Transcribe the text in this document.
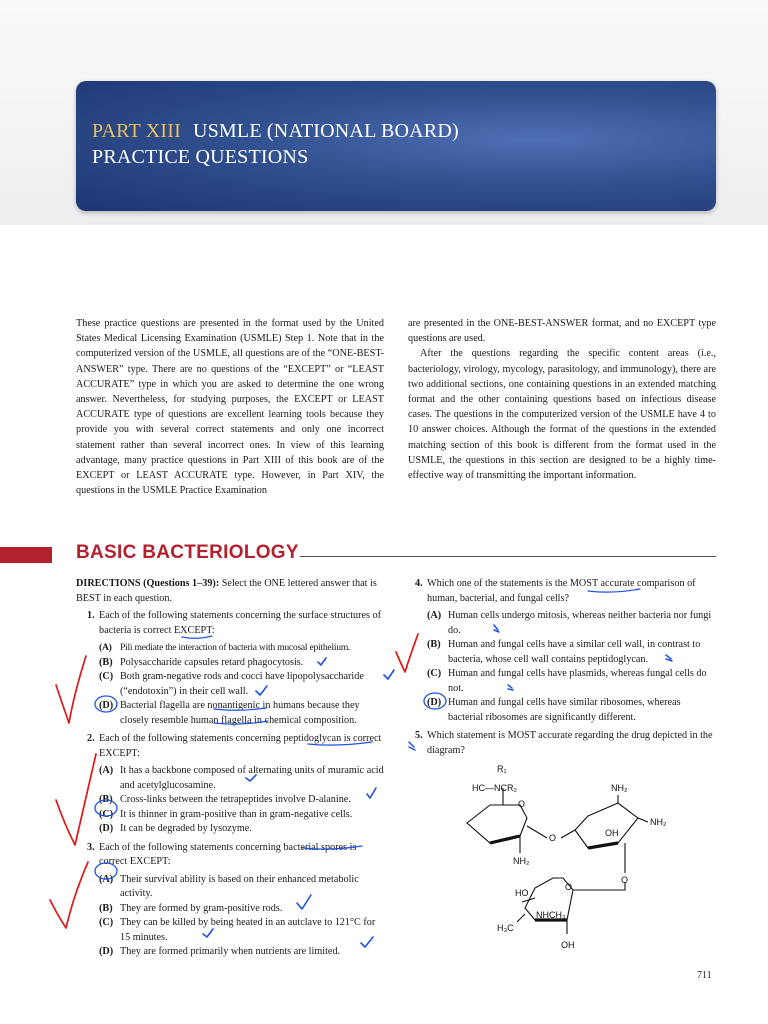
PART XIII USMLE (NATIONAL BOARD)
PRACTICE QUESTIONS

These practice questions are presented in the format used by the United States Medical Licensing Examination (USMLE) Step 1. Note that in the computerized version of the USMLE, all questions are of the “ONE-BEST-ANSWER” type. There are no questions of the “EXCEPT” or “LEAST ACCURATE” type in which you are asked to determine the one wrong answer. Nevertheless, for studying purposes, the EXCEPT or LEAST ACCURATE type of questions are excellent learning tools because they provide you with several correct statements and only one incorrect statement rather than several incorrect ones. In view of this learning advantage, many practice questions in Part XIII of this book are of the EXCEPT or LEAST ACCURATE type. However, in Part XIV, the questions in the USMLE Practice Examination

are presented in the ONE-BEST-ANSWER format, and no EXCEPT type questions are used.

After the questions regarding the specific content areas (i.e., bacteriology, virology, mycology, parasitology, and immunology), there are two additional sections, one containing questions in an extended matching format and the other containing questions based on infectious disease cases. The questions in the computerized version of the USMLE have 4 to 10 answer choices. Although the format of the questions in the extended matching section of this book is different from the format used in the USMLE, the questions in this section are designed to be a highly time-effective way of transmitting the important information.

BASIC BACTERIOLOGY

DIRECTIONS (Questions 1–39): Select the ONE lettered answer that is BEST in each question.

1. Each of the following statements concerning the surface structures of bacteria is correct EXCEPT:

(A) Pili mediate the interaction of bacteria with mucosal epithelium.
(B) Polysaccharide capsules retard phagocytosis.
(C) Both gram-negative rods and cocci have lipopolysaccharide (“endotoxin”) in their cell wall.
(D) Bacterial flagella are nonantigenic in humans because they closely resemble human flagella in chemical composition.

2. Each of the following statements concerning peptidoglycan is correct EXCEPT:

(A) It has a backbone composed of alternating units of muramic acid and acetylglucosamine.
(B) Cross-links between the tetrapeptides involve D-alanine.
(C) It is thinner in gram-positive than in gram-negative cells.
(D) It can be degraded by lysozyme.

3. Each of the following statements concerning bacterial spores is correct EXCEPT:

(A) Their survival ability is based on their enhanced metabolic activity.
(B) They are formed by gram-positive rods.
(C) They can be killed by being heated in an autclave to 121°C for 15 minutes.
(D) They are formed primarily when nutrients are limited.

4. Which one of the statements is the MOST accurate comparison of human, bacterial, and fungal cells?

(A) Human cells undergo mitosis, whereas neither bacteria nor fungi do.
(B) Human and fungal cells have a similar cell wall, in contrast to bacteria, whose cell wall contains peptidoglycan.
(C) Human and fungal cells have plasmids, whereas fungal cells do not.
(D) Human and fungal cells have similar ribosomes, whereas bacterial ribosomes are significantly different.

5. Which statement is MOST accurate regarding the drug depicted in the diagram?

R₁
HC—NCR₂	NH₂
NH₂
O
O	OH
NH₂
O
HO
O
NHCH₃
H₃C
OH
711
